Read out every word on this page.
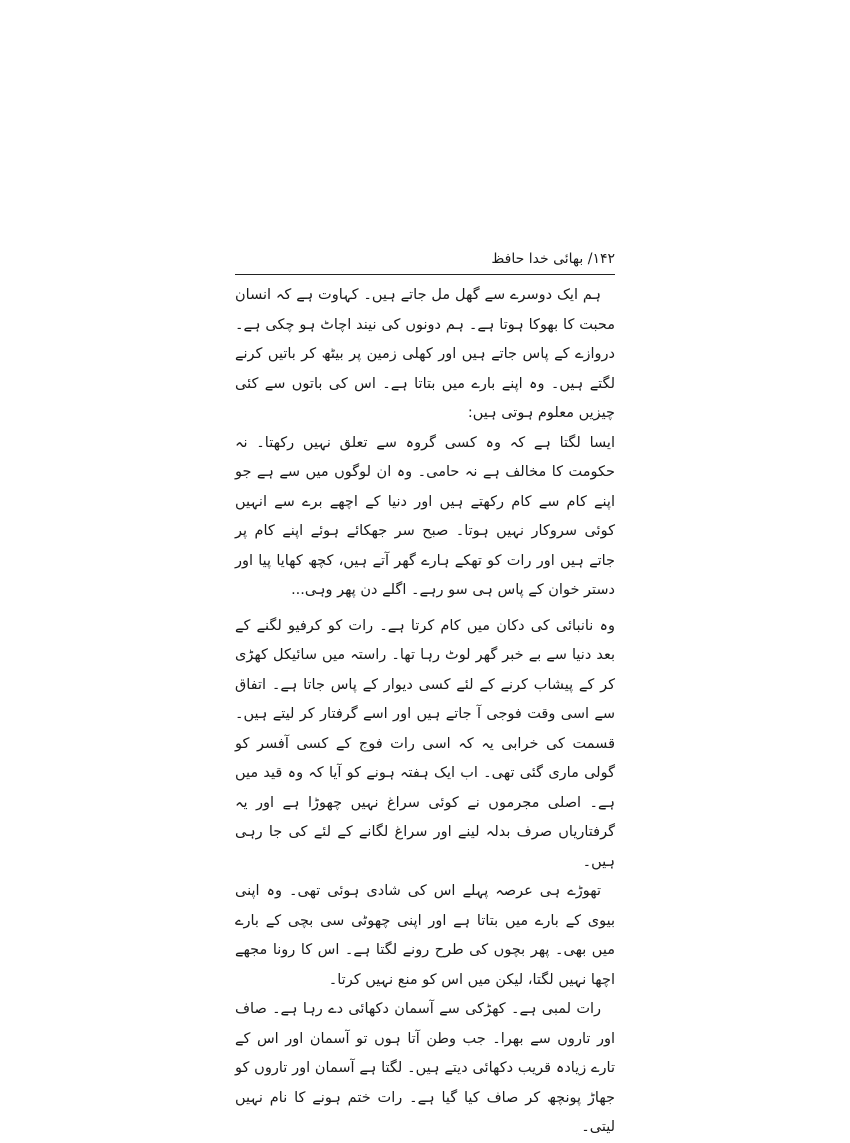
۱۴۲/ بھائی خدا حافظ

ہم ایک دوسرے سے گھل مل جاتے ہیں۔ کہاوت ہے کہ انسان محبت کا بھوکا ہوتا ہے۔ ہم دونوں کی نیند اچاٹ ہو چکی ہے۔ دروازے کے پاس جاتے ہیں اور کھلی زمین پر بیٹھ کر باتیں کرنے لگتے ہیں۔ وہ اپنے بارے میں بتاتا ہے۔ اس کی باتوں سے کئی چیزیں معلوم ہوتی ہیں:

ایسا لگتا ہے کہ وہ کسی گروہ سے تعلق نہیں رکھتا۔ نہ حکومت کا مخالف ہے نہ حامی۔ وہ ان لوگوں میں سے ہے جو اپنے کام سے کام رکھتے ہیں اور دنیا کے اچھے برے سے انہیں کوئی سروکار نہیں ہوتا۔ صبح سر جھکائے ہوئے اپنے کام پر جاتے ہیں اور رات کو تھکے ہارے گھر آتے ہیں، کچھ کھایا پیا اور دستر خوان کے پاس ہی سو رہے۔ اگلے دن پھر وہی...

وہ نانبائی کی دکان میں کام کرتا ہے۔ رات کو کرفیو لگنے کے بعد دنیا سے بے خبر گھر لوٹ رہا تھا۔ راستہ میں سائیکل کھڑی کر کے پیشاب کرنے کے لئے کسی دیوار کے پاس جاتا ہے۔ اتفاق سے اسی وقت فوجی آ جاتے ہیں اور اسے گرفتار کر لیتے ہیں۔ قسمت کی خرابی یہ کہ اسی رات فوج کے کسی آفسر کو گولی ماری گئی تھی۔ اب ایک ہفتہ ہونے کو آیا کہ وہ قید میں ہے۔ اصلی مجرموں نے کوئی سراغ نہیں چھوڑا ہے اور یہ گرفتاریاں صرف بدلہ لینے اور سراغ لگانے کے لئے کی جا رہی ہیں۔

تھوڑے ہی عرصہ پہلے اس کی شادی ہوئی تھی۔ وہ اپنی بیوی کے بارے میں بتاتا ہے اور اپنی چھوٹی سی بچی کے بارے میں بھی۔ پھر بچوں کی طرح رونے لگتا ہے۔ اس کا رونا مجھے اچھا نہیں لگتا، لیکن میں اس کو منع نہیں کرتا۔

رات لمبی ہے۔ کھڑکی سے آسمان دکھائی دے رہا ہے۔ صاف اور تاروں سے بھرا۔ جب وطن آتا ہوں تو آسمان اور اس کے تارے زیادہ قریب دکھائی دیتے ہیں۔ لگتا ہے آسمان اور تاروں کو جھاڑ پونچھ کر صاف کیا گیا ہے۔ رات ختم ہونے کا نام نہیں لیتی۔
